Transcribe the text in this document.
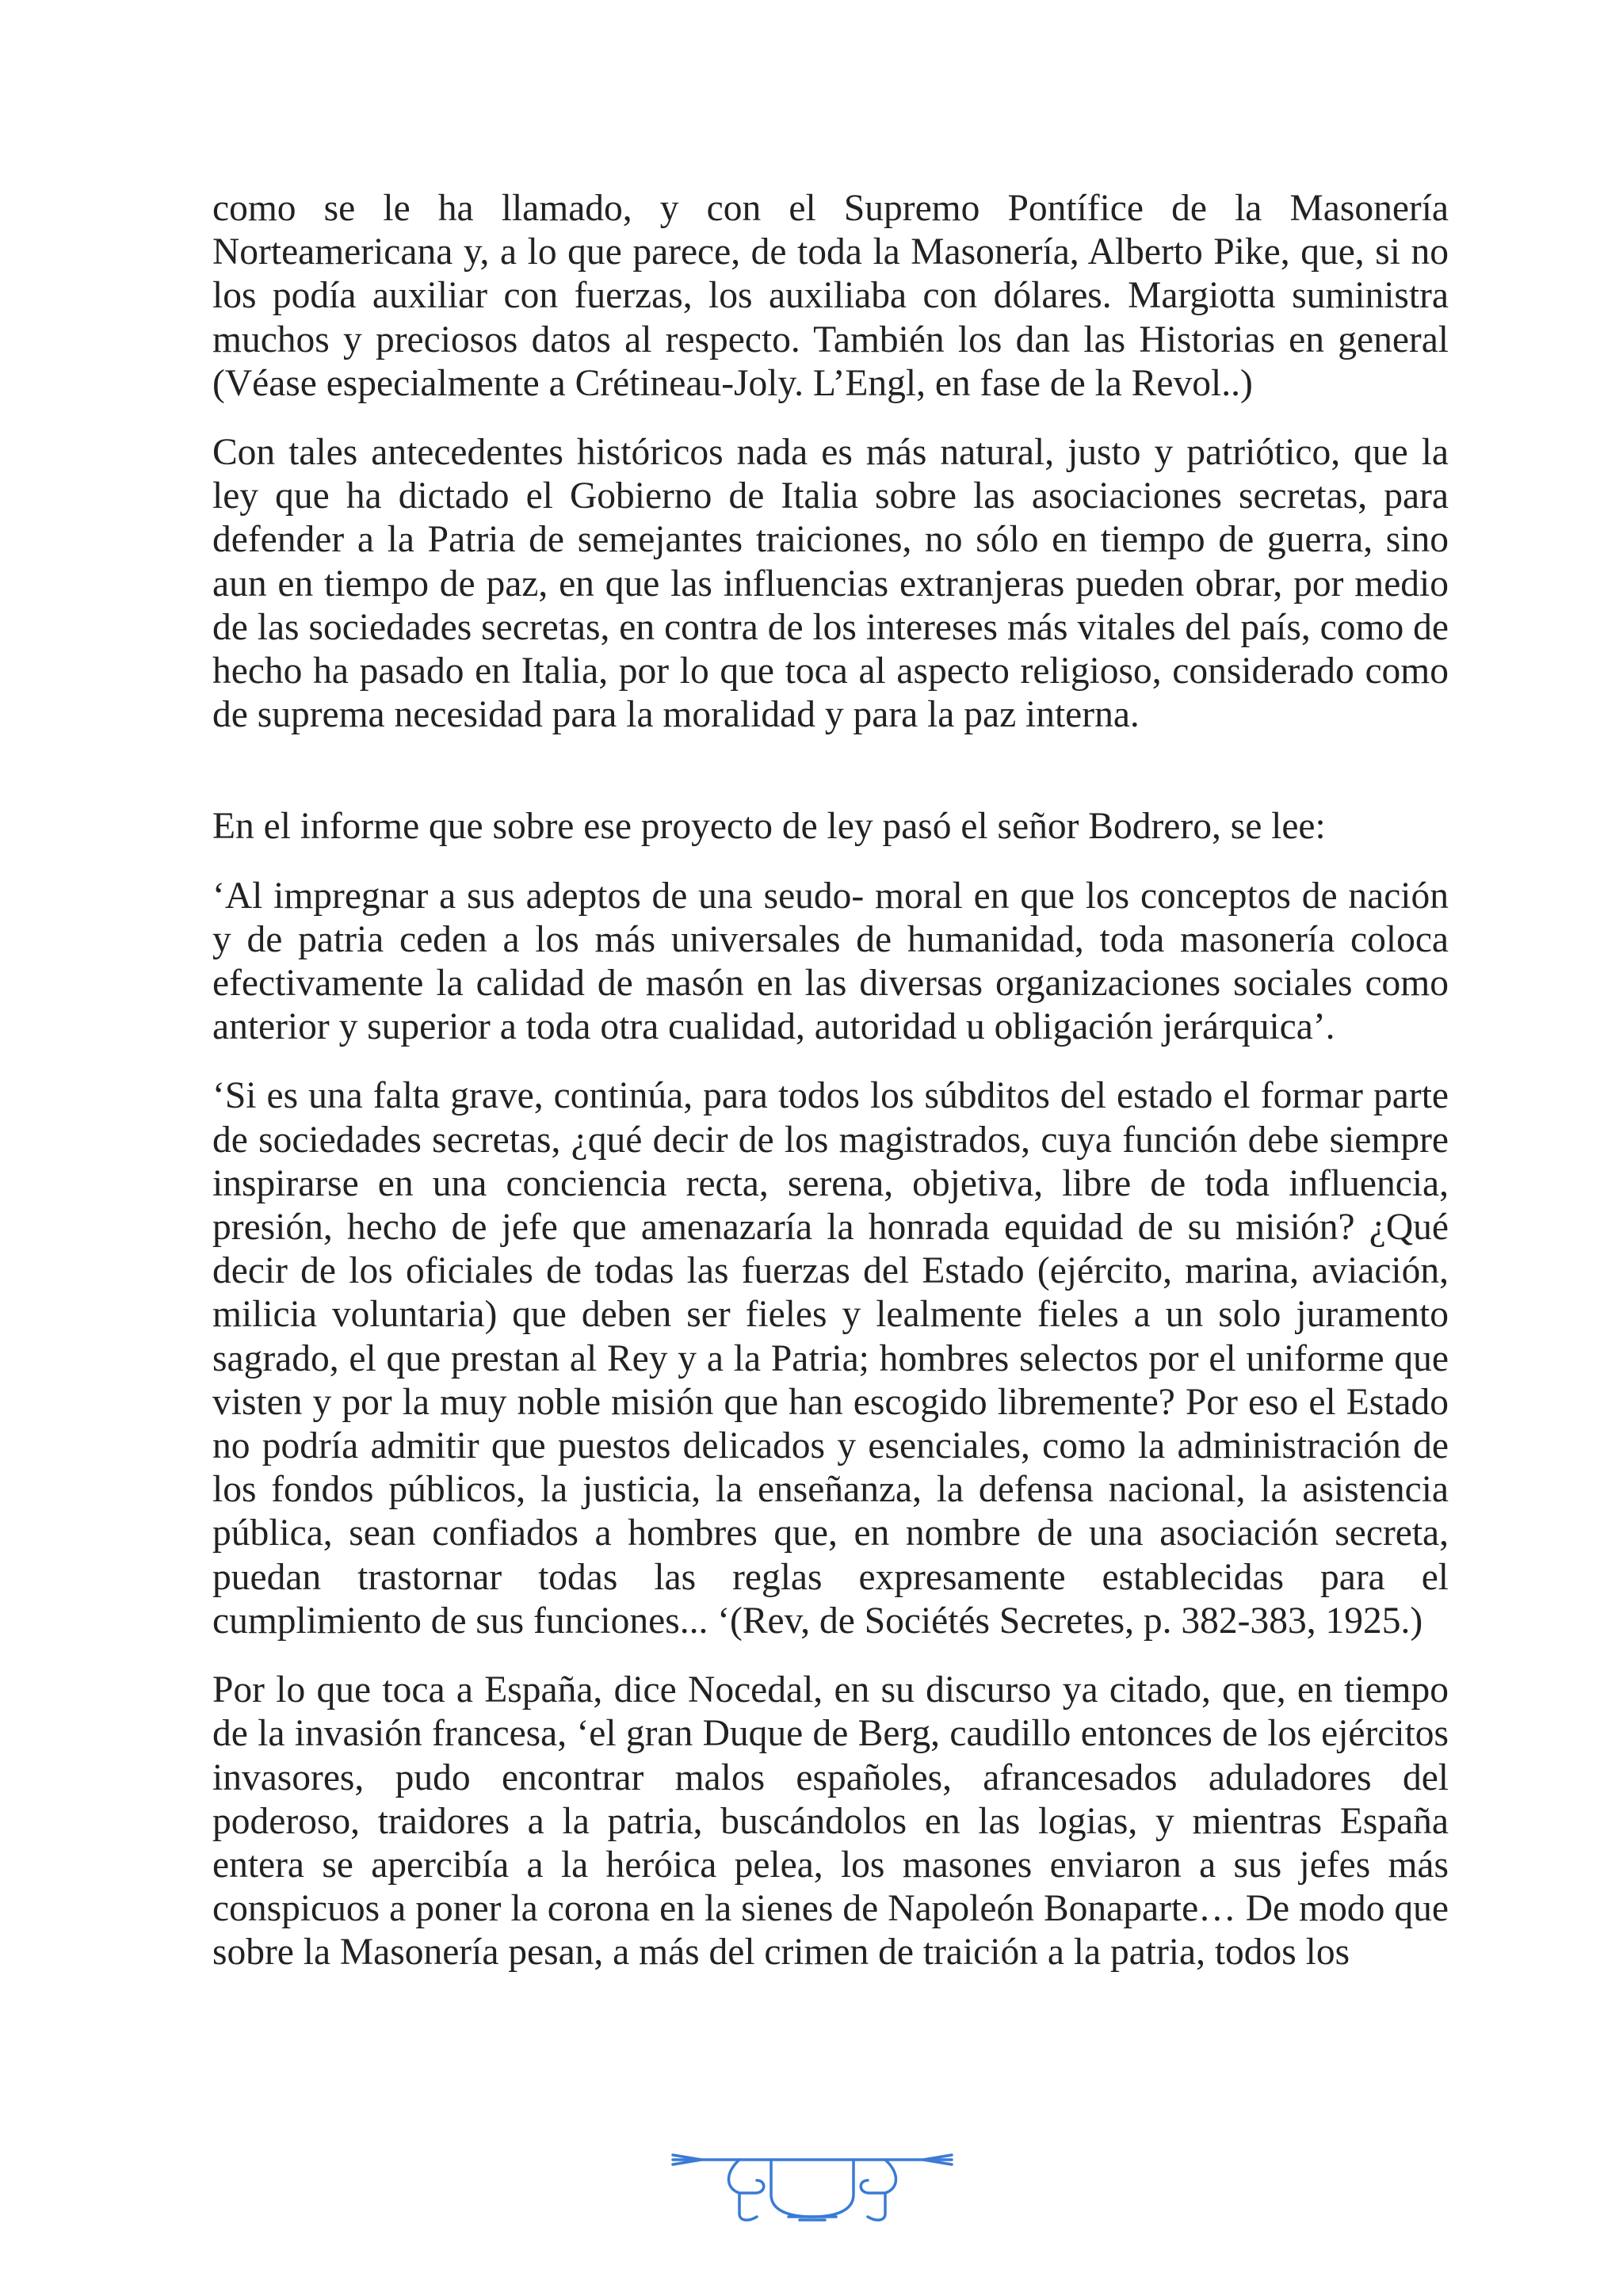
como se le ha llamado, y con el Supremo Pontífice de la Masonería Norteamericana y, a lo que parece, de toda la Masonería, Alberto Pike, que, si no los podía auxiliar con fuerzas, los auxiliaba con dólares. Margiotta suministra muchos y preciosos datos al respecto. También los dan las Historias en general (Véase especialmente a Crétineau-Joly. L’Engl, en fase de la Revol..)

Con tales antecedentes históricos nada es más natural, justo y patriótico, que la ley que ha dictado el Gobierno de Italia sobre las asociaciones secretas, para defender a la Patria de semejantes traiciones, no sólo en tiempo de guerra, sino aun en tiempo de paz, en que las influencias extranjeras pueden obrar, por medio de las sociedades secretas, en contra de los intereses más vitales del país, como de hecho ha pasado en Italia, por lo que toca al aspecto religioso, considerado como de suprema necesidad para la moralidad y para la paz interna.

En el informe que sobre ese proyecto de ley pasó el señor Bodrero, se lee:

‘Al impregnar a sus adeptos de una seudo- moral en que los conceptos de nación y de patria ceden a los más universales de humanidad, toda masonería coloca efectivamente la calidad de masón en las diversas organizaciones sociales como anterior y superior a toda otra cualidad, autoridad u obligación jerárquica’.

‘Si es una falta grave, continúa, para todos los súbditos del estado el formar parte de sociedades secretas, ¿qué decir de los magistrados, cuya función debe siempre inspirarse en una conciencia recta, serena, objetiva, libre de toda influencia, presión, hecho de jefe que amenazaría la honrada equidad de su misión? ¿Qué decir de los oficiales de todas las fuerzas del Estado (ejército, marina, aviación, milicia voluntaria) que deben ser fieles y lealmente fieles a un solo juramento sagrado, el que prestan al Rey y a la Patria; hombres selectos por el uniforme que visten y por la muy noble misión que han escogido libremente? Por eso el Estado no podría admitir que puestos delicados y esenciales, como la administración de los fondos públicos, la justicia, la enseñanza, la defensa nacional, la asistencia pública, sean confiados a hombres que, en nombre de una asociación secreta, puedan trastornar todas las reglas expresamente establecidas para el cumplimiento de sus funciones... ‘(Rev, de Sociétés Secretes, p. 382-383, 1925.)

Por lo que toca a España, dice Nocedal, en su discurso ya citado, que, en tiempo de la invasión francesa, ‘el gran Duque de Berg, caudillo entonces de los ejércitos invasores, pudo encontrar malos españoles, afrancesados aduladores del poderoso, traidores a la patria, buscándolos en las logias, y mientras España entera se apercibía a la heróica pelea, los masones enviaron a sus jefes más conspicuos a poner la corona en la sienes de Napoleón Bonaparte… De modo que sobre la Masonería pesan, a más del crimen de traición a la patria, todos los
